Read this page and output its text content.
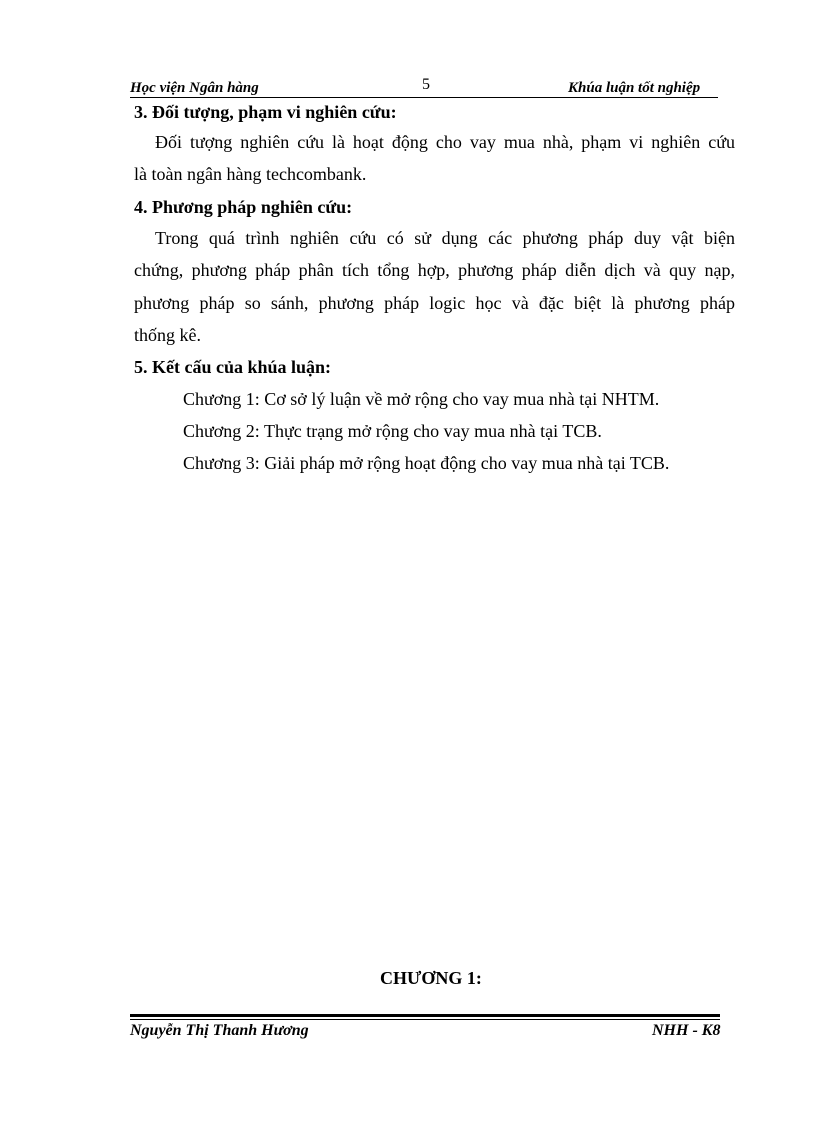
Học viện Ngân hàng	5	Khúa luận tốt nghiệp
3. Đối tượng, phạm vi nghiên cứu:
Đối tượng nghiên cứu là hoạt động cho vay mua nhà, phạm vi nghiên cứu
là toàn ngân hàng techcombank.
4. Phương pháp nghiên cứu:
Trong quá trình nghiên cứu có sử dụng các phương pháp duy vật biện
chứng, phương pháp phân tích tổng hợp, phương pháp diễn dịch và quy nạp,
phương pháp so sánh, phương pháp logic học và đặc biệt là phương pháp
thống kê.
5. Kết cấu của khúa luận:
Chương 1: Cơ sở lý luận về mở rộng cho vay mua nhà tại NHTM.
Chương 2: Thực trạng mở rộng cho vay mua nhà tại TCB.
Chương 3: Giải pháp mở rộng hoạt động cho vay mua nhà tại TCB.
CHƯƠNG 1:
Nguyễn Thị Thanh Hương	NHH - K8
